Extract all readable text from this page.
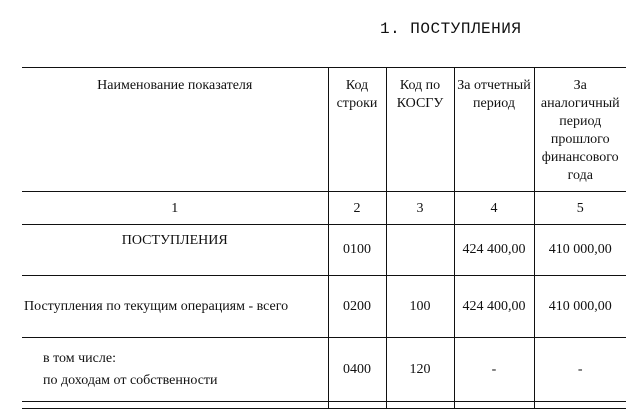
1. ПОСТУПЛЕНИЯ
Наименование показателя	Код строки	Код по КОСГУ	За отчетный период	За аналогичный период прошлого финансового года
1	2	3	4	5
ПОСТУПЛЕНИЯ	0100		424 400,00	410 000,00
Поступления по текущим операциям - всего	0200	100	424 400,00	410 000,00

в том числе:
по доходам от собственности	0400	120	-	-
